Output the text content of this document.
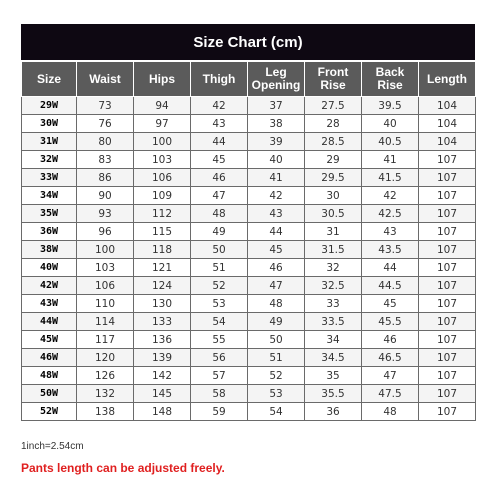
Size Chart (cm)
Size	Waist	Hips	Thigh	Leg Opening	Front Rise	Back Rise	Length
29W	73	94	42	37	27.5	39.5	104
30W	76	97	43	38	28	40	104
31W	80	100	44	39	28.5	40.5	104
32W	83	103	45	40	29	41	107
33W	86	106	46	41	29.5	41.5	107
34W	90	109	47	42	30	42	107
35W	93	112	48	43	30.5	42.5	107
36W	96	115	49	44	31	43	107
38W	100	118	50	45	31.5	43.5	107
40W	103	121	51	46	32	44	107
42W	106	124	52	47	32.5	44.5	107
43W	110	130	53	48	33	45	107
44W	114	133	54	49	33.5	45.5	107
45W	117	136	55	50	34	46	107
46W	120	139	56	51	34.5	46.5	107
48W	126	142	57	52	35	47	107
50W	132	145	58	53	35.5	47.5	107
52W	138	148	59	54	36	48	107
1inch=2.54cm
Pants length can be adjusted freely.
